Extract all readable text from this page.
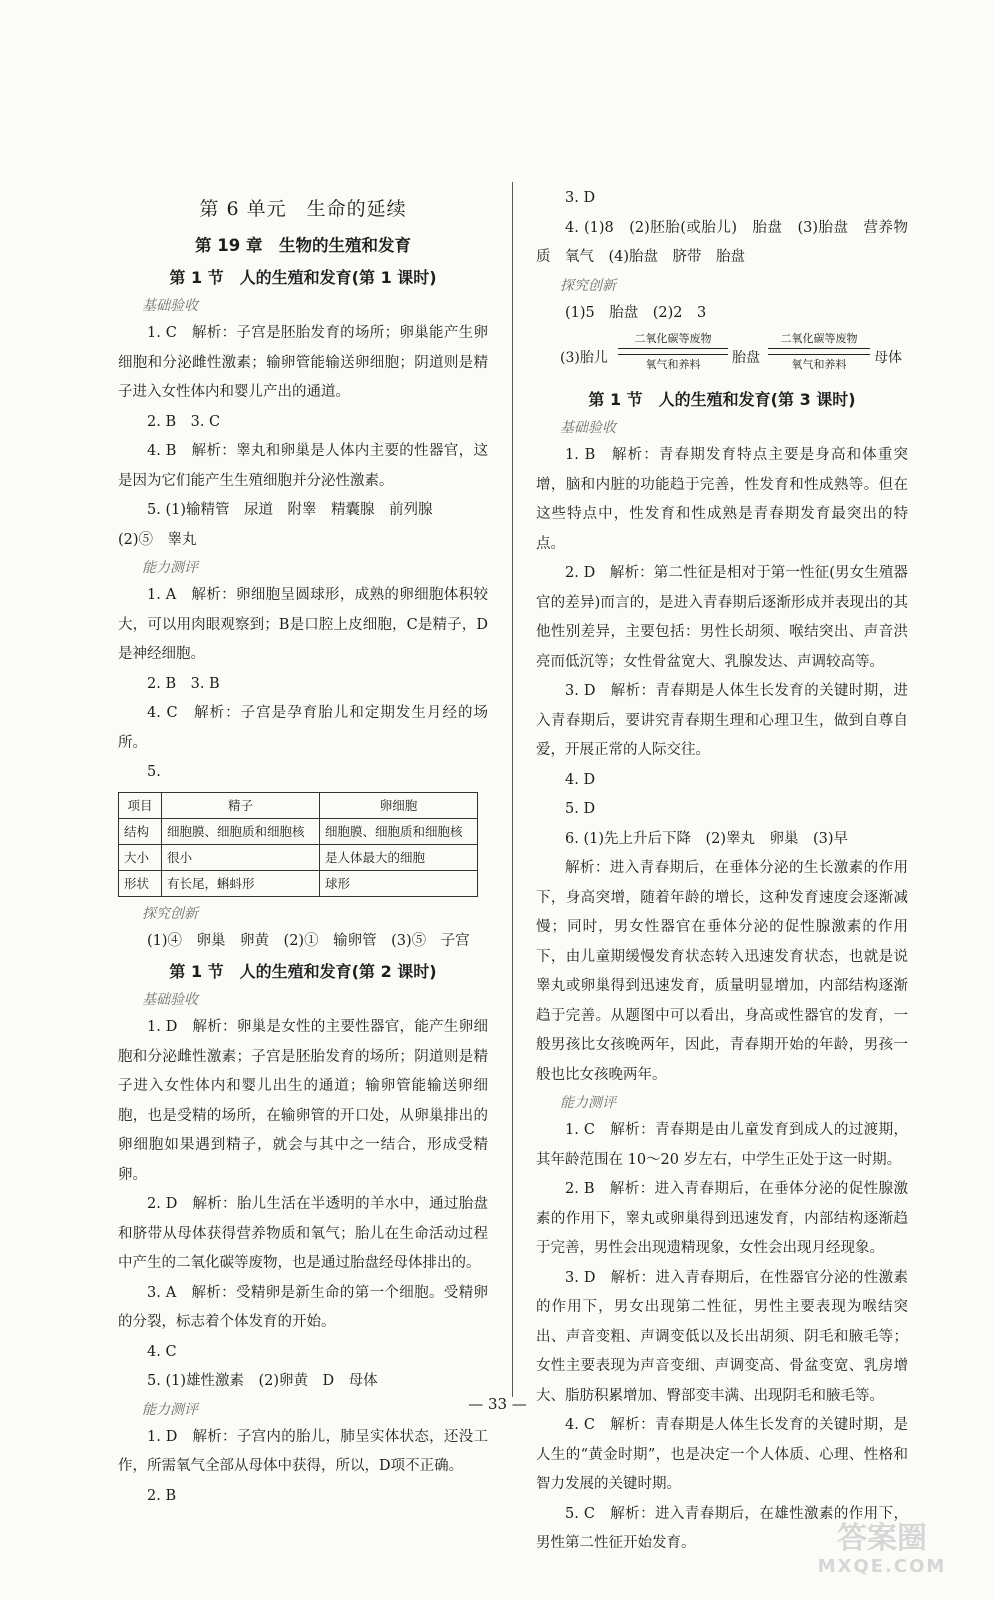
第 6 单元　生命的延续
第 19 章　生物的生殖和发育
第 1 节　人的生殖和发育(第 1 课时)
基础验收

1. C　解析：子宫是胚胎发育的场所；卵巢能产生卵细胞和分泌雌性激素；输卵管能输送卵细胞；阴道则是精子进入女性体内和婴儿产出的通道。

2. B　3. C

4. B　解析：睾丸和卵巢是人体内主要的性器官，这是因为它们能产生生殖细胞并分泌性激素。

5. (1)输精管　尿道　附睾　精囊腺　前列腺

(2)⑤　睾丸

能力测评

1. A　解析：卵细胞呈圆球形，成熟的卵细胞体积较大，可以用肉眼观察到；B是口腔上皮细胞，C是精子，D是神经细胞。

2. B　3. B

4. C　解析：子宫是孕育胎儿和定期发生月经的场所。

5.

项目	精子	卵细胞
结构	细胞膜、细胞质和细胞核	细胞膜、细胞质和细胞核
大小	很小	是人体最大的细胞
形状	有长尾，蝌蚪形	球形
探究创新

(1)④　卵巢　卵黄　(2)①　输卵管　(3)⑤　子宫

第 1 节　人的生殖和发育(第 2 课时)
基础验收

1. D　解析：卵巢是女性的主要性器官，能产生卵细胞和分泌雌性激素；子宫是胚胎发育的场所；阴道则是精子进入女性体内和婴儿出生的通道；输卵管能输送卵细胞，也是受精的场所，在输卵管的开口处，从卵巢排出的卵细胞如果遇到精子，就会与其中之一结合，形成受精卵。

2. D　解析：胎儿生活在半透明的羊水中，通过胎盘和脐带从母体获得营养物质和氧气；胎儿在生命活动过程中产生的二氧化碳等废物，也是通过胎盘经母体排出的。

3. A　解析：受精卵是新生命的第一个细胞。受精卵的分裂，标志着个体发育的开始。

4. C

5. (1)雄性激素　(2)卵黄　D　母体

能力测评

1. D　解析：子宫内的胎儿，肺呈实体状态，还没工作，所需氧气全部从母体中获得，所以，D项不正确。

2. B

3. D

4. (1)8　(2)胚胎(或胎儿)　胎盘　(3)胎盘　营养物质　氧气　(4)胎盘　脐带　胎盘

探究创新

(1)5　胎盘　(2)2　3

(3)胎儿
二氧化碳等废物
氧气和养料	胎盘
二氧化碳等废物
氧气和养料	母体
第 1 节　人的生殖和发育(第 3 课时)
基础验收

1. B　解析：青春期发育特点主要是身高和体重突增，脑和内脏的功能趋于完善，性发育和性成熟等。但在这些特点中，性发育和性成熟是青春期发育最突出的特点。

2. D　解析：第二性征是相对于第一性征(男女生殖器官的差异)而言的，是进入青春期后逐渐形成并表现出的其他性别差异，主要包括：男性长胡须、喉结突出、声音洪亮而低沉等；女性骨盆宽大、乳腺发达、声调较高等。

3. D　解析：青春期是人体生长发育的关键时期，进入青春期后，要讲究青春期生理和心理卫生，做到自尊自爱，开展正常的人际交往。

4. D

5. D

6. (1)先上升后下降　(2)睾丸　卵巢　(3)早

解析：进入青春期后，在垂体分泌的生长激素的作用下，身高突增，随着年龄的增长，这种发育速度会逐渐减慢；同时，男女性器官在垂体分泌的促性腺激素的作用下，由儿童期缓慢发育状态转入迅速发育状态，也就是说睾丸或卵巢得到迅速发育，质量明显增加，内部结构逐渐趋于完善。从题图中可以看出，身高或性器官的发育，一般男孩比女孩晚两年，因此，青春期开始的年龄，男孩一般也比女孩晚两年。

能力测评

1. C　解析：青春期是由儿童发育到成人的过渡期，其年龄范围在 10～20 岁左右，中学生正处于这一时期。

2. B　解析：进入青春期后，在垂体分泌的促性腺激素的作用下，睾丸或卵巢得到迅速发育，内部结构逐渐趋于完善，男性会出现遗精现象，女性会出现月经现象。

3. D　解析：进入青春期后，在性器官分泌的性激素的作用下，男女出现第二性征，男性主要表现为喉结突出、声音变粗、声调变低以及长出胡须、阴毛和腋毛等；女性主要表现为声音变细、声调变高、骨盆变宽、乳房增大、脂肪积累增加、臀部变丰满、出现阴毛和腋毛等。

4. C　解析：青春期是人体生长发育的关键时期，是人生的“黄金时期”，也是决定一个人体质、心理、性格和智力发展的关键时期。

5. C　解析：进入青春期后，在雄性激素的作用下，男性第二性征开始发育。

— 33 —
答案圈
MXQE.COM
